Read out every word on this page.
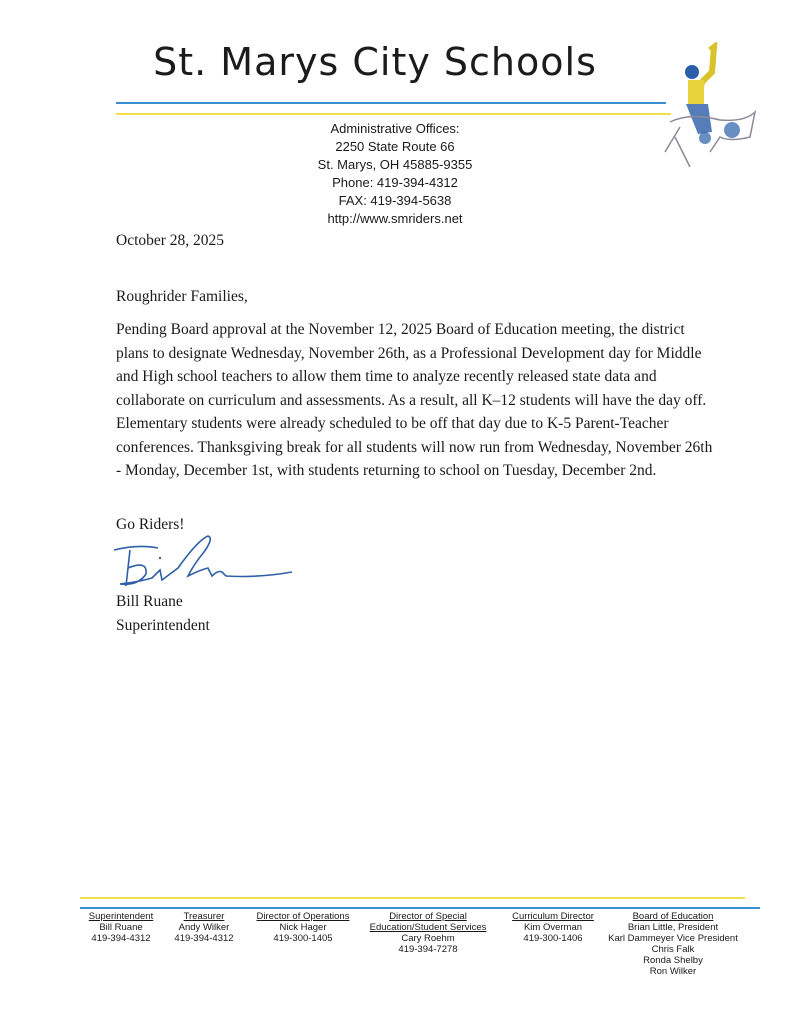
St. Marys City Schools
Administrative Offices:
2250 State Route 66
St. Marys, OH 45885-9355
Phone: 419-394-4312
FAX: 419-394-5638
http://www.smriders.net
October 28, 2025
Roughrider Families,
Pending Board approval at the November 12, 2025 Board of Education meeting, the district plans to designate Wednesday, November 26th, as a Professional Development day for Middle and High school teachers to allow them time to analyze recently released state data and collaborate on curriculum and assessments. As a result, all K–12 students will have the day off. Elementary students were already scheduled to be off that day due to K-5 Parent-Teacher conferences. Thanksgiving break for all students will now run from Wednesday, November 26th - Monday, December 1st, with students returning to school on Tuesday, December 2nd.
Go Riders!
Bill Ruane
Superintendent
Superintendent
Bill Ruane
419-394-4312
Treasurer
Andy Wilker
419-394-4312
Director of Operations
Nick Hager
419-300-1405
Director of Special
Education/Student Services
Cary Roehm
419-394-7278
Curriculum Director
Kim Overman
419-300-1406
Board of Education
Brian Little, President
Karl Dammeyer Vice President
Chris Falk
Ronda Shelby
Ron Wilker
